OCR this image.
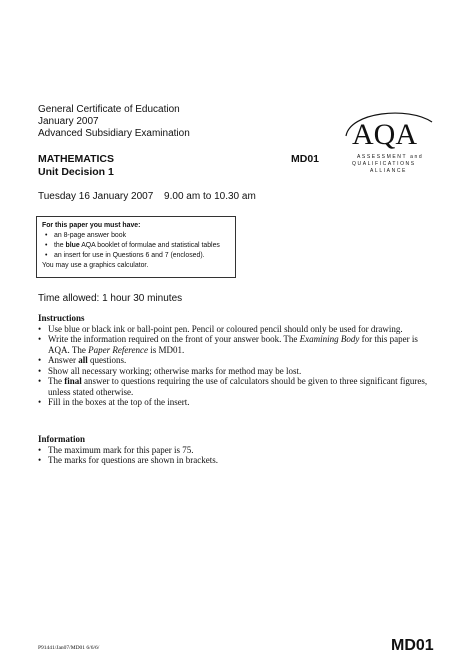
General Certificate of Education
January 2007
Advanced Subsidiary Examination	AQA
ASSESSMENT and
QUALIFICATIONS
ALLIANCE
MATHEMATICS
Unit Decision 1
MD01
Tuesday 16 January 2007 9.00 am to 10.30 am
For this paper you must have:
• an 8-page answer book
• the blue AQA booklet of formulae and statistical tables
• an insert for use in Questions 6 and 7 (enclosed).
You may use a graphics calculator.
Time allowed: 1 hour 30 minutes
Instructions
• Use blue or black ink or ball-point pen. Pencil or coloured pencil should only be used for drawing.
• Write the information required on the front of your answer book. The Examining Body for this paper is AQA. The Paper Reference is MD01.
• Answer all questions.
• Show all necessary working; otherwise marks for method may be lost.
• The final answer to questions requiring the use of calculators should be given to three significant figures, unless stated otherwise.
• Fill in the boxes at the top of the insert.
Information
• The maximum mark for this paper is 75.
• The marks for questions are shown in brackets.
P91441/Jan07/MD01 6/6/6/	MD01
